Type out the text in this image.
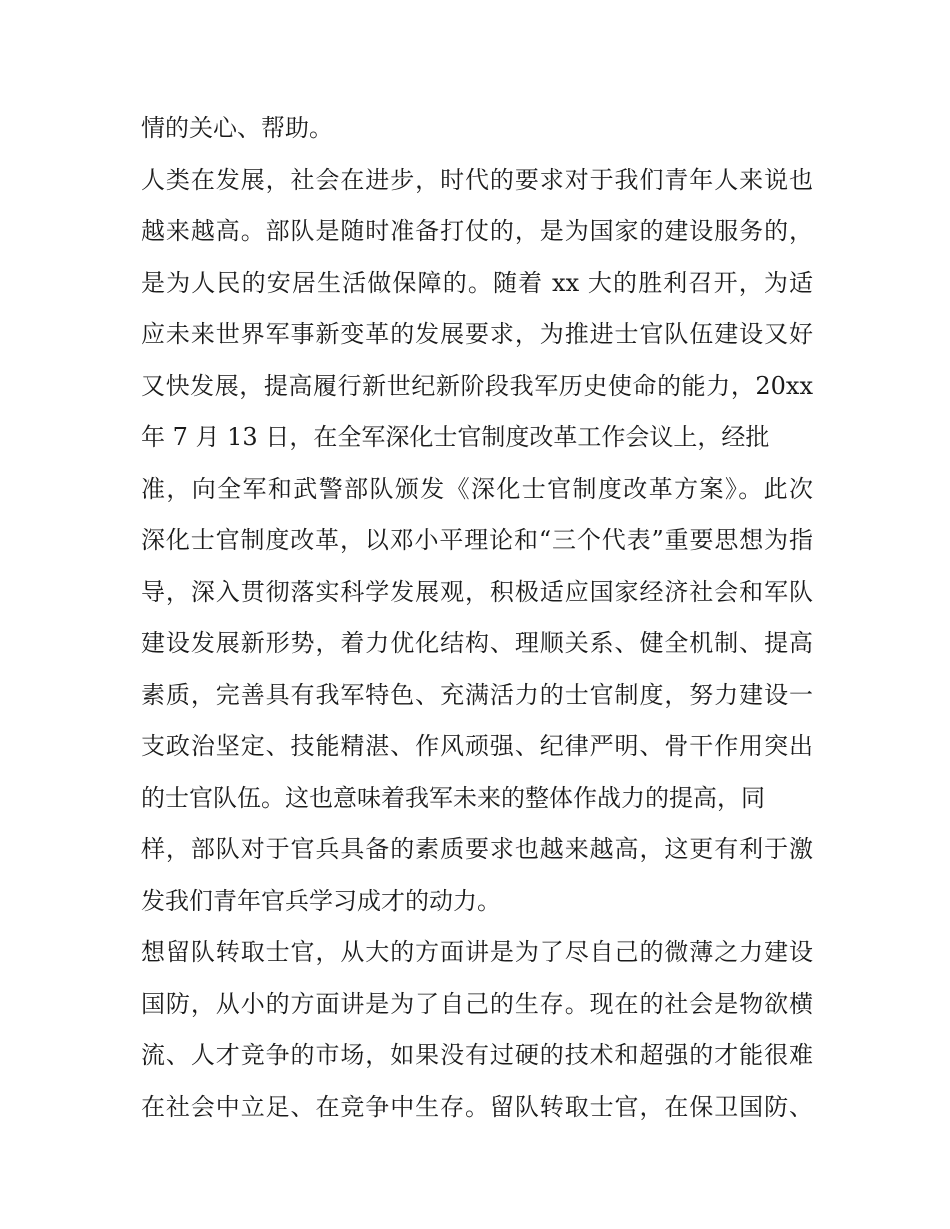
情的关心、帮助。
人类在发展，社会在进步，时代的要求对于我们青年人来说也
越来越高。部队是随时准备打仗的，是为国家的建设服务的，
是为人民的安居生活做保障的。随着 xx 大的胜利召开，为适
应未来世界军事新变革的发展要求，为推进士官队伍建设又好
又快发展，提高履行新世纪新阶段我军历史使命的能力，20xx
年 7 月 13 日，在全军深化士官制度改革工作会议上，经批
准，向全军和武警部队颁发《深化士官制度改革方案》。此次
深化士官制度改革，以邓小平理论和“三个代表”重要思想为指
导，深入贯彻落实科学发展观，积极适应国家经济社会和军队
建设发展新形势，着力优化结构、理顺关系、健全机制、提高
素质，完善具有我军特色、充满活力的士官制度，努力建设一
支政治坚定、技能精湛、作风顽强、纪律严明、骨干作用突出
的士官队伍。这也意味着我军未来的整体作战力的提高，同
样，部队对于官兵具备的素质要求也越来越高，这更有利于激
发我们青年官兵学习成才的动力。
想留队转取士官，从大的方面讲是为了尽自己的微薄之力建设
国防，从小的方面讲是为了自己的生存。现在的社会是物欲横
流、人才竞争的市场，如果没有过硬的技术和超强的才能很难
在社会中立足、在竞争中生存。留队转取士官，在保卫国防、
